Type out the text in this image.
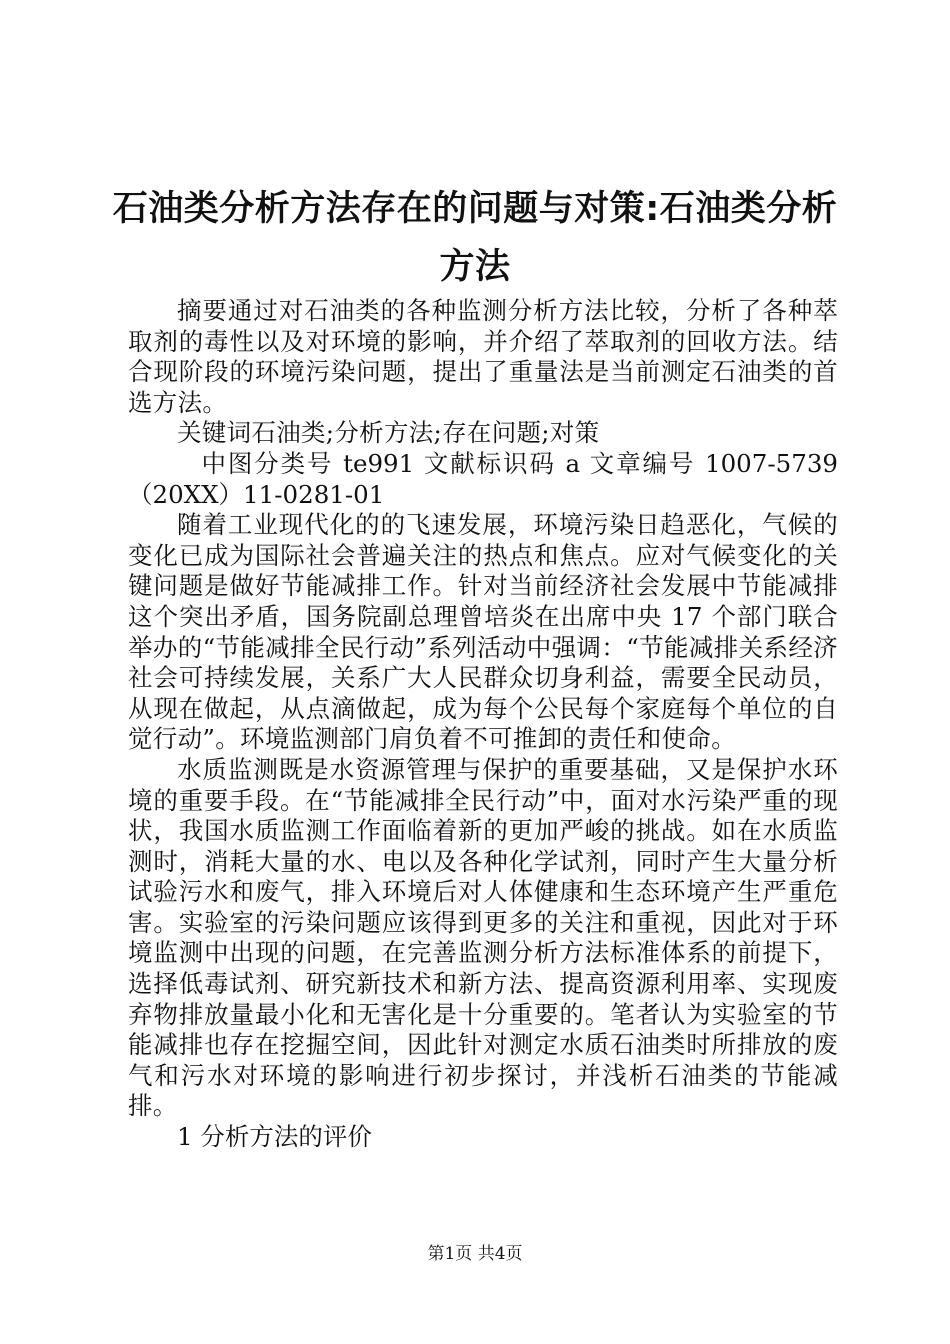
石油类分析方法存在的问题与对策:石油类分析方法

摘要通过对石油类的各种监测分析方法比较，分析了各种萃取剂的毒性以及对环境的影响，并介绍了萃取剂的回收方法。结合现阶段的环境污染问题，提出了重量法是当前测定石油类的首选方法。

关键词石油类;分析方法;存在问题;对策

中图分类号 te991 文献标识码 a 文章编号 1007-5739（20XX）11-0281-01

随着工业现代化的的飞速发展，环境污染日趋恶化，气候的变化已成为国际社会普遍关注的热点和焦点。应对气候变化的关键问题是做好节能减排工作。针对当前经济社会发展中节能减排这个突出矛盾，国务院副总理曾培炎在出席中央 17 个部门联合举办的“节能减排全民行动”系列活动中强调：“节能减排关系经济社会可持续发展，关系广大人民群众切身利益，需要全民动员，从现在做起，从点滴做起，成为每个公民每个家庭每个单位的自觉行动”。环境监测部门肩负着不可推卸的责任和使命。

水质监测既是水资源管理与保护的重要基础，又是保护水环境的重要手段。在“节能减排全民行动”中，面对水污染严重的现状，我国水质监测工作面临着新的更加严峻的挑战。如在水质监测时，消耗大量的水、电以及各种化学试剂，同时产生大量分析试验污水和废气，排入环境后对人体健康和生态环境产生严重危害。实验室的污染问题应该得到更多的关注和重视，因此对于环境监测中出现的问题，在完善监测分析方法标准体系的前提下，选择低毒试剂、研究新技术和新方法、提高资源利用率、实现废弃物排放量最小化和无害化是十分重要的。笔者认为实验室的节能减排也存在挖掘空间，因此针对测定水质石油类时所排放的废气和污水对环境的影响进行初步探讨，并浅析石油类的节能减排。

1 分析方法的评价

第1页 共4页
